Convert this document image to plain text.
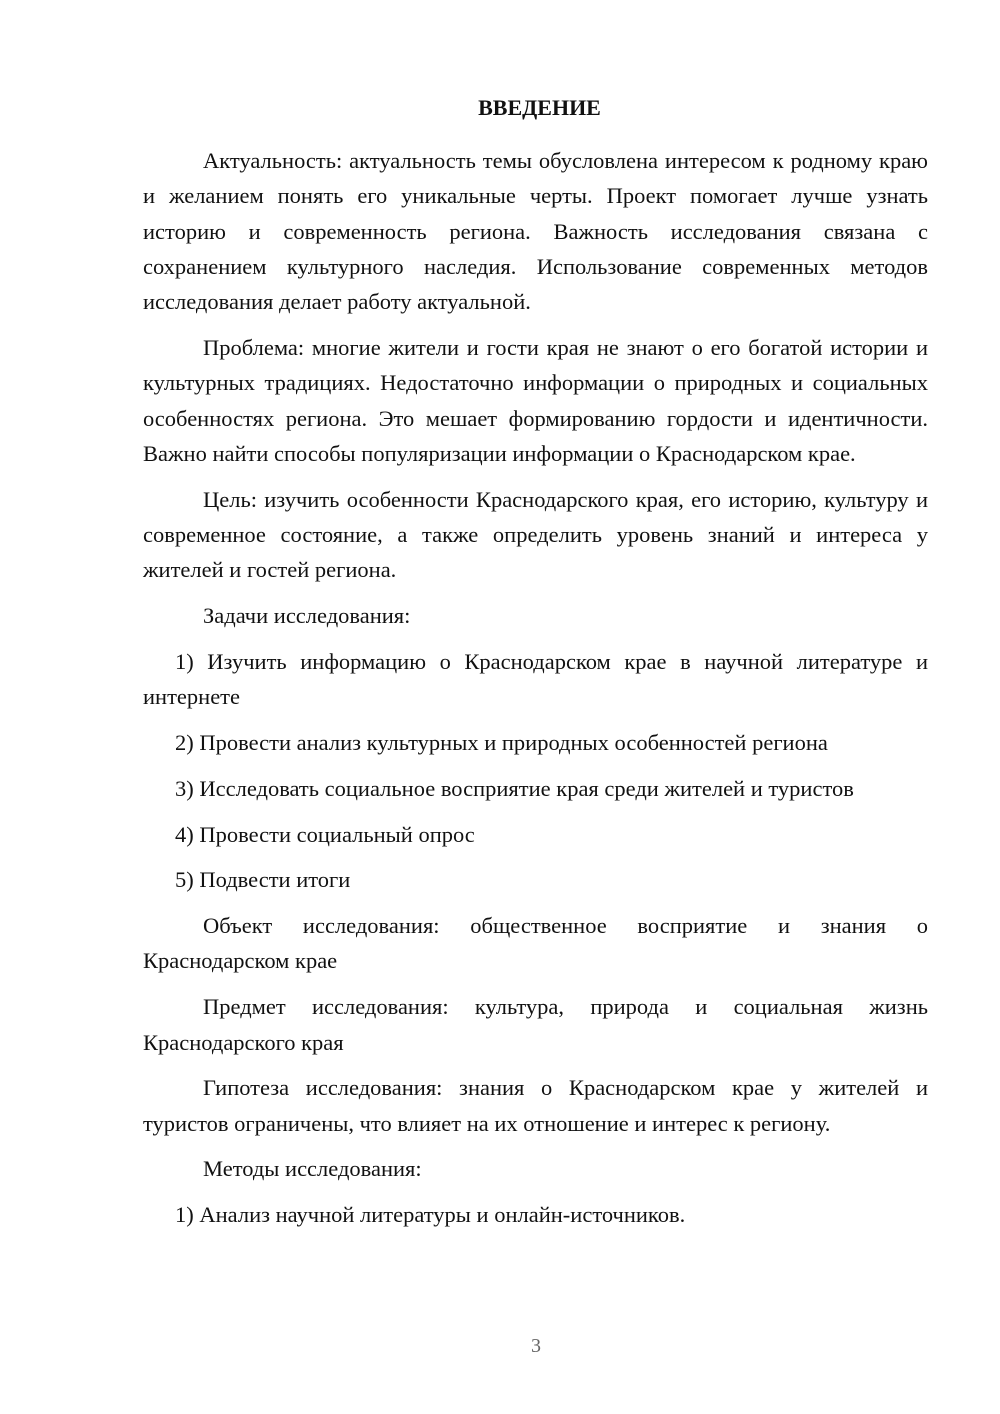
ВВЕДЕНИЕ

Актуальность: актуальность темы обусловлена интересом к родному краю и желанием понять его уникальные черты. Проект помогает лучше узнать историю и современность региона. Важность исследования связана с сохранением культурного наследия. Использование современных методов исследования делает работу актуальной.

Проблема: многие жители и гости края не знают о его богатой истории и культурных традициях. Недостаточно информации о природных и социальных особенностях региона. Это мешает формированию гордости и идентичности. Важно найти способы популяризации информации о Краснодарском крае.

Цель: изучить особенности Краснодарского края, его историю, культуру и современное состояние, а также определить уровень знаний и интереса у жителей и гостей региона.

Задачи исследования:

1) Изучить информацию о Краснодарском крае в научной литературе и интернете

2) Провести анализ культурных и природных особенностей региона

3) Исследовать социальное восприятие края среди жителей и туристов

4) Провести социальный опрос

5) Подвести итоги

Объект исследования: общественное восприятие и знания о Краснодарском крае

Предмет исследования: культура, природа и социальная жизнь Краснодарского края

Гипотеза исследования: знания о Краснодарском крае у жителей и туристов ограничены, что влияет на их отношение и интерес к региону.

Методы исследования:

1) Анализ научной литературы и онлайн-источников.

3
